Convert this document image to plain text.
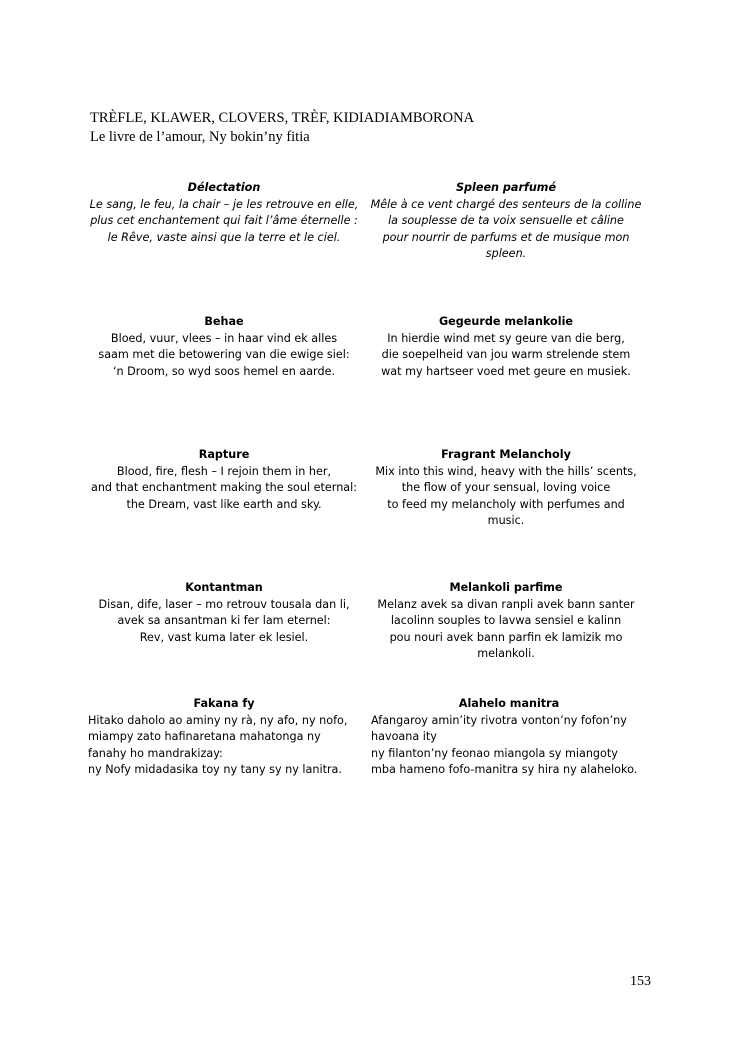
TRÈFLE, KLAWER, CLOVERS, TRÈF, KIDIADIAMBORONA
Le livre de l’amour, Ny bokin’ny fitia
Délectation
Le sang, le feu, la chair – je les retrouve en elle,
plus cet enchantement qui fait l’âme éternelle :
le Rêve, vaste ainsi que la terre et le ciel.
Spleen parfumé
Mêle à ce vent chargé des senteurs de la colline
la souplesse de ta voix sensuelle et câline
pour nourrir de parfums et de musique mon spleen.
Behae
Bloed, vuur, vlees – in haar vind ek alles
saam met die betowering van die ewige siel:
‘n Droom, so wyd soos hemel en aarde.
Gegeurde melankolie
In hierdie wind met sy geure van die berg,
die soepelheid van jou warm strelende stem
wat my hartseer voed met geure en musiek.
Rapture
Blood, fire, flesh – I rejoin them in her,
and that enchantment making the soul eternal:
the Dream, vast like earth and sky.
Fragrant Melancholy
Mix into this wind, heavy with the hills’ scents,
the flow of your sensual, loving voice
to feed my melancholy with perfumes and music.
Kontantman
Disan, dife, laser – mo retrouv tousala dan li,
avek sa ansantman ki fer lam eternel:
Rev, vast kuma later ek lesiel.
Melankoli parfime
Melanz avek sa divan ranpli avek bann santer
lacolinn souples to lavwa sensiel e kalinn
pou nouri avek bann parfin ek lamizik mo melankoli.
Fakana fy
Hitako daholo ao aminy ny rà, ny afo, ny nofo,
miampy zato hafinaretana mahatonga ny fanahy ho mandrakizay:
ny Nofy midadasika toy ny tany sy ny lanitra.
Alahelo manitra
Afangaroy amin’ity rivotra vonton’ny fofon’ny havoana ity
ny filanton’ny feonao miangola sy miangoty
mba hameno fofo-manitra sy hira ny alaheloko.
153
